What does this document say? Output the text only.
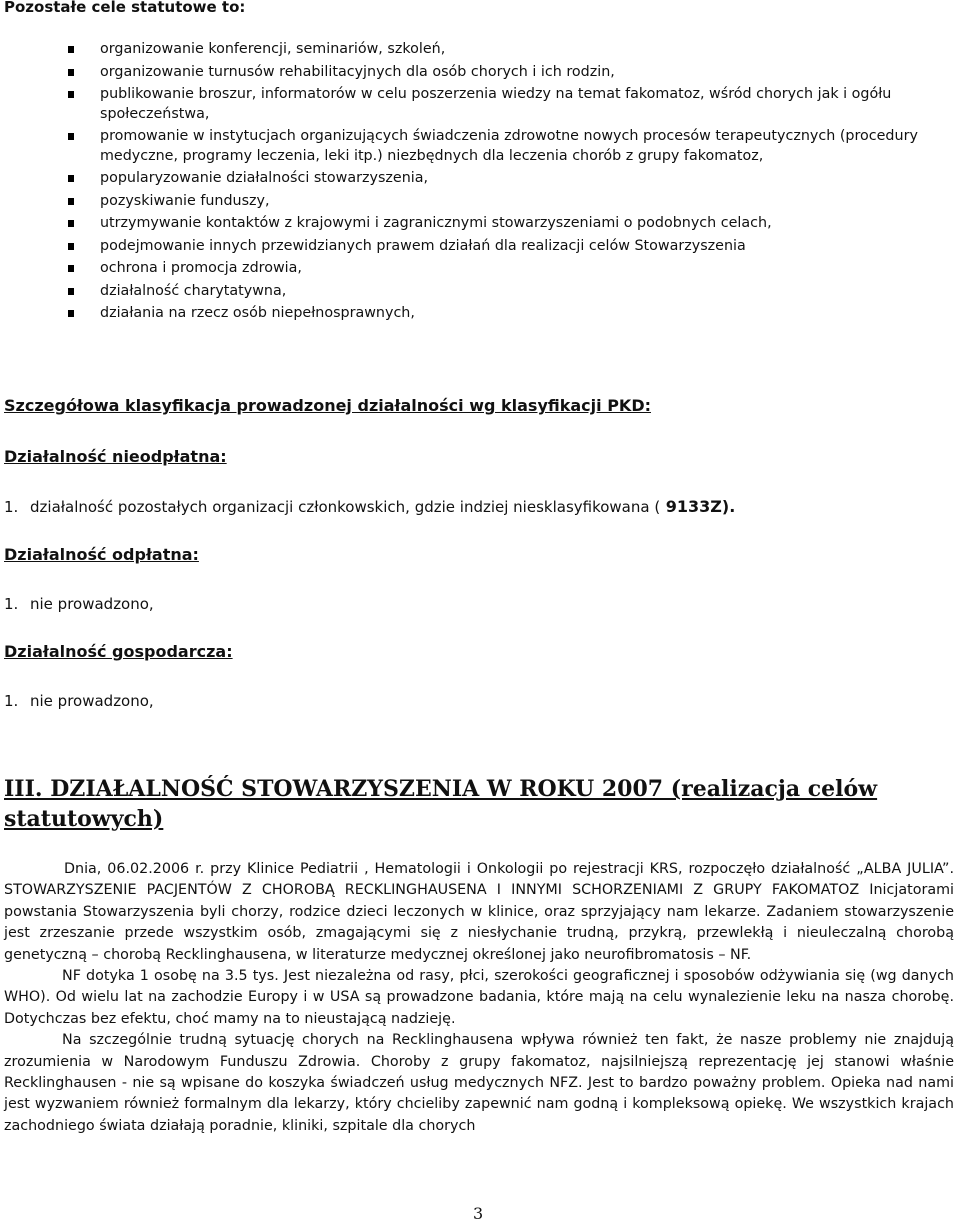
Pozostałe cele statutowe to:
organizowanie konferencji, seminariów, szkoleń,
organizowanie turnusów rehabilitacyjnych dla osób chorych i ich rodzin,
publikowanie broszur, informatorów w celu poszerzenia wiedzy na temat fakomatoz, wśród chorych jak i ogółu społeczeństwa,
promowanie w instytucjach organizujących świadczenia zdrowotne nowych procesów terapeutycznych (procedury medyczne, programy leczenia, leki itp.) niezbędnych dla leczenia chorób z grupy fakomatoz,
popularyzowanie działalności stowarzyszenia,
pozyskiwanie funduszy,
utrzymywanie kontaktów z krajowymi i zagranicznymi stowarzyszeniami o podobnych celach,
podejmowanie innych przewidzianych prawem działań dla realizacji celów Stowarzyszenia
ochrona i promocja zdrowia,
działalność charytatywna,
działania na rzecz osób niepełnosprawnych,
Szczegółowa klasyfikacja prowadzonej działalności wg klasyfikacji PKD:
Działalność nieodpłatna:
1. działalność pozostałych organizacji członkowskich, gdzie indziej niesklasyfikowana ( 9133Z).
Działalność odpłatna:
1. nie prowadzono,
Działalność gospodarcza:
1. nie prowadzono,
III. DZIAŁALNOŚĆ STOWARZYSZENIA W ROKU 2007 (realizacja celów statutowych)

Dnia, 06.02.2006 r. przy Klinice Pediatrii , Hematologii i Onkologii po rejestracji KRS, rozpoczęło działalność „ALBA JULIA”. STOWARZYSZENIE PACJENTÓW Z CHOROBĄ RECKLINGHAUSENA I INNYMI SCHORZENIAMI Z GRUPY FAKOMATOZ Inicjatorami powstania Stowarzyszenia byli chorzy, rodzice dzieci leczonych w klinice, oraz sprzyjający nam lekarze. Zadaniem stowarzyszenie jest zrzeszanie przede wszystkim osób, zmagającymi się z niesłychanie trudną, przykrą, przewlekłą i nieuleczalną chorobą genetyczną – chorobą Recklinghausena, w literaturze medycznej określonej jako neurofibromatosis – NF.

NF dotyka 1 osobę na 3.5 tys. Jest niezależna od rasy, płci, szerokości geograficznej i sposobów odżywiania się (wg danych WHO). Od wielu lat na zachodzie Europy i w USA są prowadzone badania, które mają na celu wynalezienie leku na nasza chorobę. Dotychczas bez efektu, choć mamy na to nieustającą nadzieję.

Na szczególnie trudną sytuację chorych na Recklinghausena wpływa również ten fakt, że nasze problemy nie znajdują zrozumienia w Narodowym Funduszu Zdrowia. Choroby z grupy fakomatoz, najsilniejszą reprezentację jej stanowi właśnie Recklinghausen - nie są wpisane do koszyka świadczeń usług medycznych NFZ. Jest to bardzo poważny problem. Opieka nad nami jest wyzwaniem również formalnym dla lekarzy, który chcieliby zapewnić nam godną i kompleksową opiekę. We wszystkich krajach zachodniego świata działają poradnie, kliniki, szpitale dla chorych

3
